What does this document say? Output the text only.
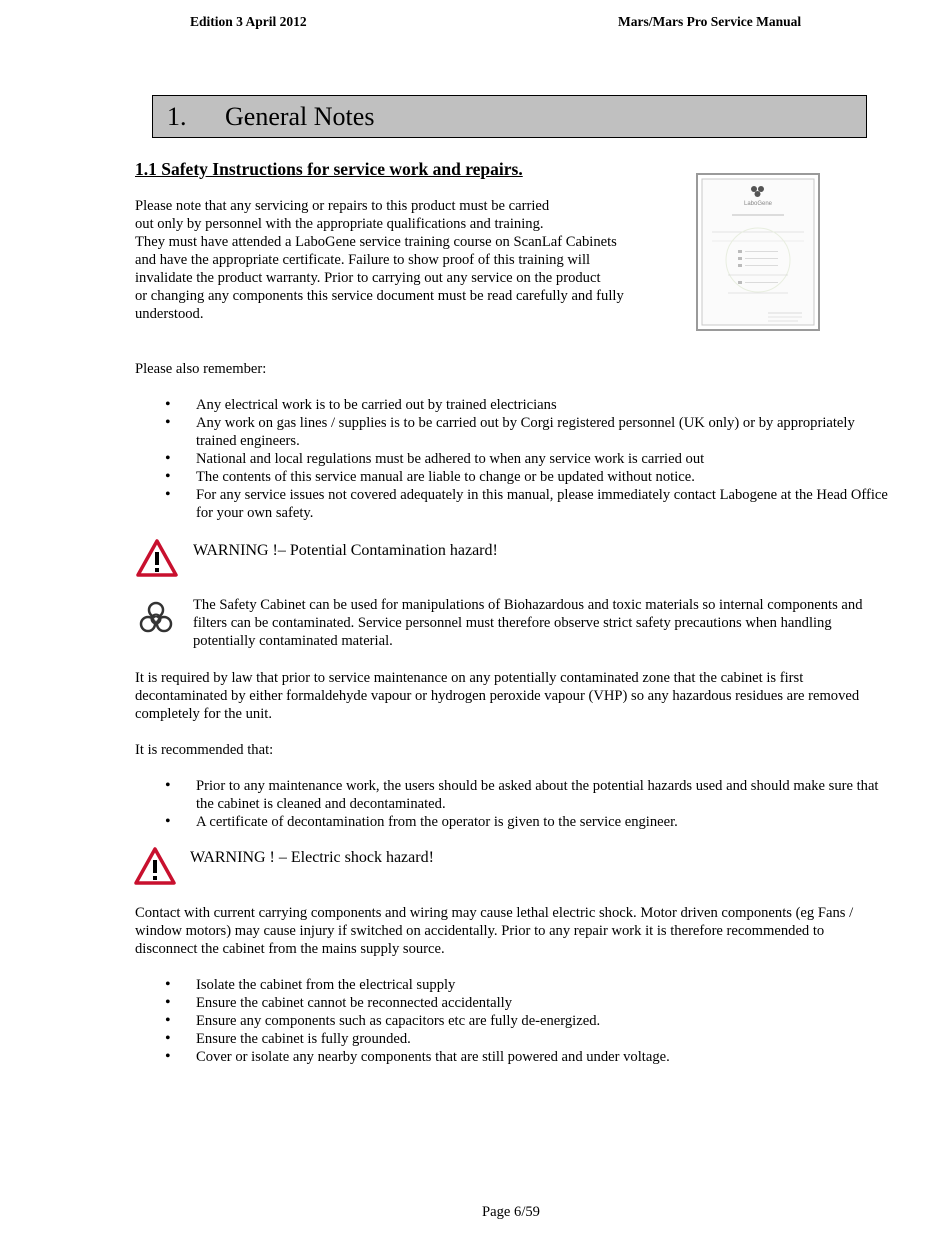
Edition 3 April 2012	Mars/Mars Pro Service Manual
1. General Notes
1.1 Safety Instructions for service work and repairs.
Please note that any servicing or repairs to this product must be carried
out only by personnel with the appropriate qualifications and training.
They must have attended a LaboGene service training course on ScanLaf Cabinets
and have the appropriate certificate. Failure to show proof of this training will
invalidate the product warranty. Prior to carrying out any service on the product
or changing any components this service document must be read carefully and fully
understood.
LaboGene
Please also remember:
• Any electrical work is to be carried out by trained electricians
• Any work on gas lines / supplies is to be carried out by Corgi registered personnel (UK only) or by appropriately trained engineers.
• National and local regulations must be adhered to when any service work is carried out
• The contents of this service manual are liable to change or be updated without notice.
• For any service issues not covered adequately in this manual, please immediately contact Labogene at the Head Office for your own safety.
WARNING !– Potential Contamination hazard!
The Safety Cabinet can be used for manipulations of Biohazardous and toxic materials so internal components and filters can be contaminated. Service personnel must therefore observe strict safety precautions when handling potentially contaminated material.
It is required by law that prior to service maintenance on any potentially contaminated zone that the cabinet is first decontaminated by either formaldehyde vapour or hydrogen peroxide vapour (VHP) so any hazardous residues are removed completely for the unit.
It is recommended that:
• Prior to any maintenance work, the users should be asked about the potential hazards used and should make sure that the cabinet is cleaned and decontaminated.
• A certificate of decontamination from the operator is given to the service engineer.
WARNING ! – Electric shock hazard!
Contact with current carrying components and wiring may cause lethal electric shock. Motor driven components (eg Fans / window motors) may cause injury if switched on accidentally. Prior to any repair work it is therefore recommended to disconnect the cabinet from the mains supply source.
• Isolate the cabinet from the electrical supply
• Ensure the cabinet cannot be reconnected accidentally
• Ensure any components such as capacitors etc are fully de-energized.
• Ensure the cabinet is fully grounded.
• Cover or isolate any nearby components that are still powered and under voltage.
Page 6/59
